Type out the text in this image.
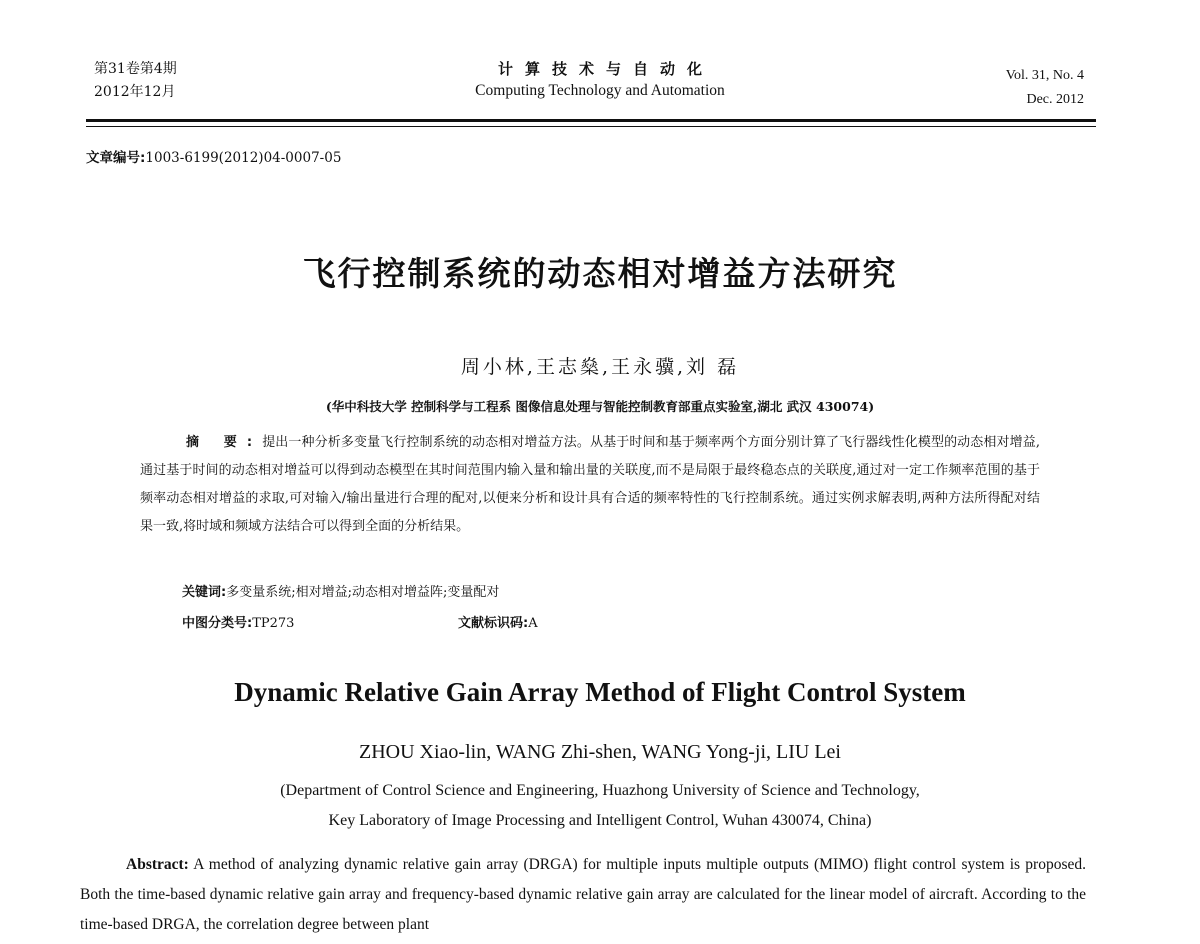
第31卷第4期
2012年12月
计算技术与自动化
Computing Technology and Automation
Vol. 31, No. 4
Dec. 2012
文章编号:1003-6199(2012)04-0007-05
飞行控制系统的动态相对增益方法研究
周小林,王志燊,王永骥,刘 磊
(华中科技大学 控制科学与工程系 图像信息处理与智能控制教育部重点实验室,湖北 武汉 430074)

摘 要:提出一种分析多变量飞行控制系统的动态相对增益方法。从基于时间和基于频率两个方面分别计算了飞行器线性化模型的动态相对增益,通过基于时间的动态相对增益可以得到动态模型在其时间范围内输入量和输出量的关联度,而不是局限于最终稳态点的关联度,通过对一定工作频率范围的基于频率动态相对增益的求取,可对输入/输出量进行合理的配对,以便来分析和设计具有合适的频率特性的飞行控制系统。通过实例求解表明,两种方法所得配对结果一致,将时域和频域方法结合可以得到全面的分析结果。

关键词:多变量系统;相对增益;动态相对增益阵;变量配对
中图分类号:TP273	文献标识码:A
Dynamic Relative Gain Array Method of Flight Control System
ZHOU Xiao-lin, WANG Zhi-shen, WANG Yong-ji, LIU Lei
(Department of Control Science and Engineering, Huazhong University of Science and Technology,
Key Laboratory of Image Processing and Intelligent Control, Wuhan 430074, China)

Abstract: A method of analyzing dynamic relative gain array (DRGA) for multiple inputs multiple outputs (MIMO) flight control system is proposed. Both the time-based dynamic relative gain array and frequency-based dynamic relative gain array are calculated for the linear model of aircraft. According to the time-based DRGA, the correlation degree between plant
